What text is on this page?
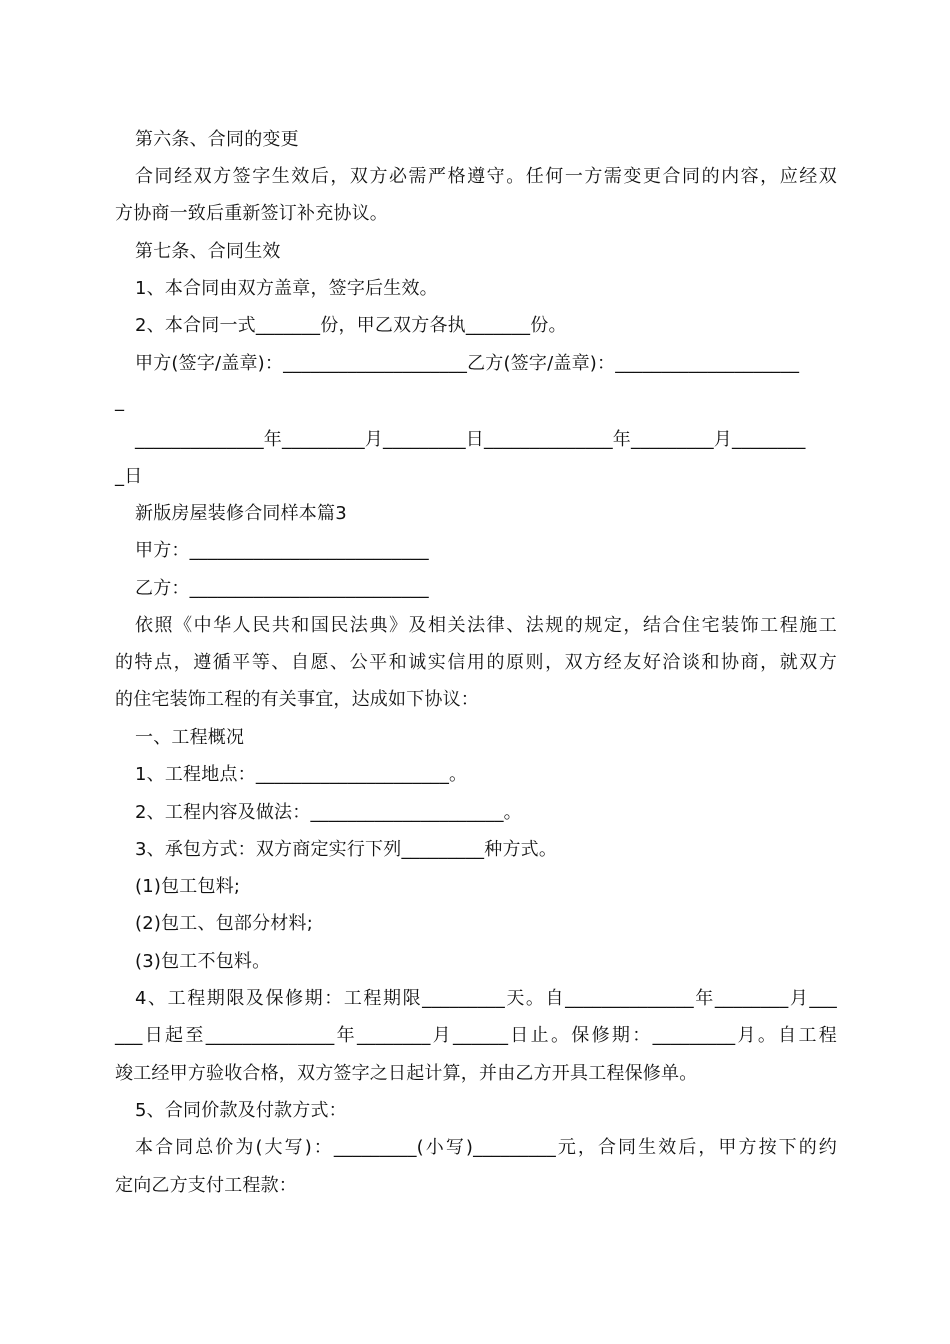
第六条、合同的变更
合同经双方签字生效后，双方必需严格遵守。任何一方需变更合同的内容，应经双
方协商一致后重新签订补充协议。
第七条、合同生效
1、本合同由双方盖章，签字后生效。
2、本合同一式_______份，甲乙双方各执_______份。
甲方(签字/盖章)：____________________乙方(签字/盖章)：____________________
_
______________年_________月_________日______________年_________月________
_日
新版房屋装修合同样本篇3
甲方：__________________________
乙方：__________________________
依照《中华人民共和国民法典》及相关法律、法规的规定，结合住宅装饰工程施工
的特点，遵循平等、自愿、公平和诚实信用的原则，双方经友好洽谈和协商，就双方
的住宅装饰工程的有关事宜，达成如下协议：
一、工程概况
1、工程地点：_____________________。
2、工程内容及做法：_____________________。
3、承包方式：双方商定实行下列_________种方式。
(1)包工包料;
(2)包工、包部分材料;
(3)包工不包料。
4、工程期限及保修期：工程期限_________天。自______________年________月___
___日起至______________年________月______日止。保修期：_________月。自工程
竣工经甲方验收合格，双方签字之日起计算，并由乙方开具工程保修单。
5、合同价款及付款方式：
本合同总价为(大写)：_________(小写)_________元，合同生效后，甲方按下的约
定向乙方支付工程款：
